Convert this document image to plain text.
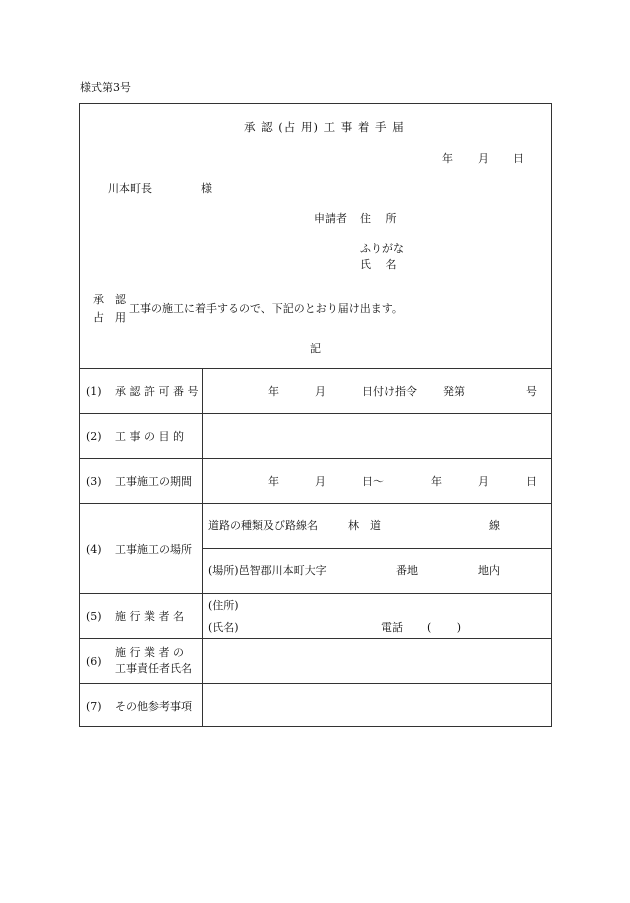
様式第3号
承 認 (占 用) 工 事 着 手 届
年 月 日
川本町長	様
申請者 住　 所
ふりがな
氏　 名
承 認
占 用
工事の施工に着手するので、下記のとおり届け出ます。
記
(1) 承 認 許 可 番 号	年	月	日付け指令 発第	号
(2) 工 事 の 目 的
(3) 工事施工の期間	年	月	日〜	年	月	日
(4) 工事施工の場所
道路の種類及び路線名	林　道	線
(場所)邑智郡川本町大字	番地	地内
(5) 施 行 業 者 名
(住所)
(氏名)	電話 (　 　)
(6)
施 行 業 者 の
工事責任者氏名
(7) その他参考事項
